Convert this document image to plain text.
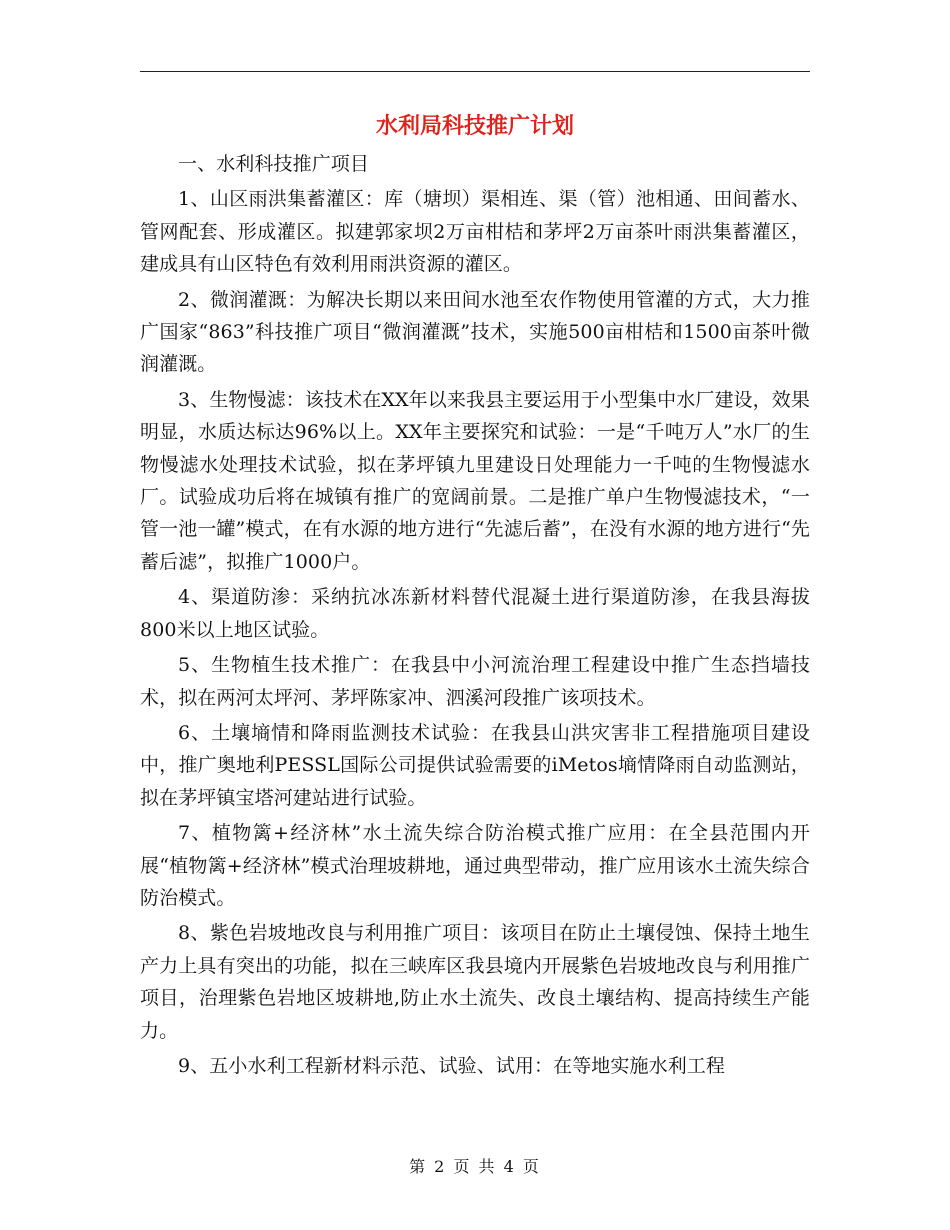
水利局科技推广计划

一、水利科技推广项目

1、山区雨洪集蓄灌区：库（塘坝）渠相连、渠（管）池相通、田间蓄水、管网配套、形成灌区。拟建郭家坝2万亩柑桔和茅坪2万亩茶叶雨洪集蓄灌区，建成具有山区特色有效利用雨洪资源的灌区。

2、微润灌溉：为解决长期以来田间水池至农作物使用管灌的方式，大力推广国家“863”科技推广项目“微润灌溉”技术，实施500亩柑桔和1500亩茶叶微润灌溉。

3、生物慢滤：该技术在XX年以来我县主要运用于小型集中水厂建设，效果明显，水质达标达96%以上。XX年主要探究和试验：一是“千吨万人”水厂的生物慢滤水处理技术试验，拟在茅坪镇九里建设日处理能力一千吨的生物慢滤水厂。试验成功后将在城镇有推广的宽阔前景。二是推广单户生物慢滤技术，“一管一池一罐”模式，在有水源的地方进行“先滤后蓄”，在没有水源的地方进行“先蓄后滤”，拟推广1000户。

4、渠道防渗：采纳抗冰冻新材料替代混凝土进行渠道防渗，在我县海拔800米以上地区试验。

5、生物植生技术推广：在我县中小河流治理工程建设中推广生态挡墙技术，拟在两河太坪河、茅坪陈家冲、泗溪河段推广该项技术。

6、土壤墒情和降雨监测技术试验：在我县山洪灾害非工程措施项目建设中，推广奥地利PESSL国际公司提供试验需要的iMetos墒情降雨自动监测站，拟在茅坪镇宝塔河建站进行试验。

7、植物篱+经济林”水土流失综合防治模式推广应用：在全县范围内开展“植物篱+经济林”模式治理坡耕地，通过典型带动，推广应用该水土流失综合防治模式。

8、紫色岩坡地改良与利用推广项目：该项目在防止土壤侵蚀、保持土地生产力上具有突出的功能，拟在三峡库区我县境内开展紫色岩坡地改良与利用推广项目，治理紫色岩地区坡耕地,防止水土流失、改良土壤结构、提高持续生产能力。

9、五小水利工程新材料示范、试验、试用：在等地实施水利工程

第 2 页 共 4 页
